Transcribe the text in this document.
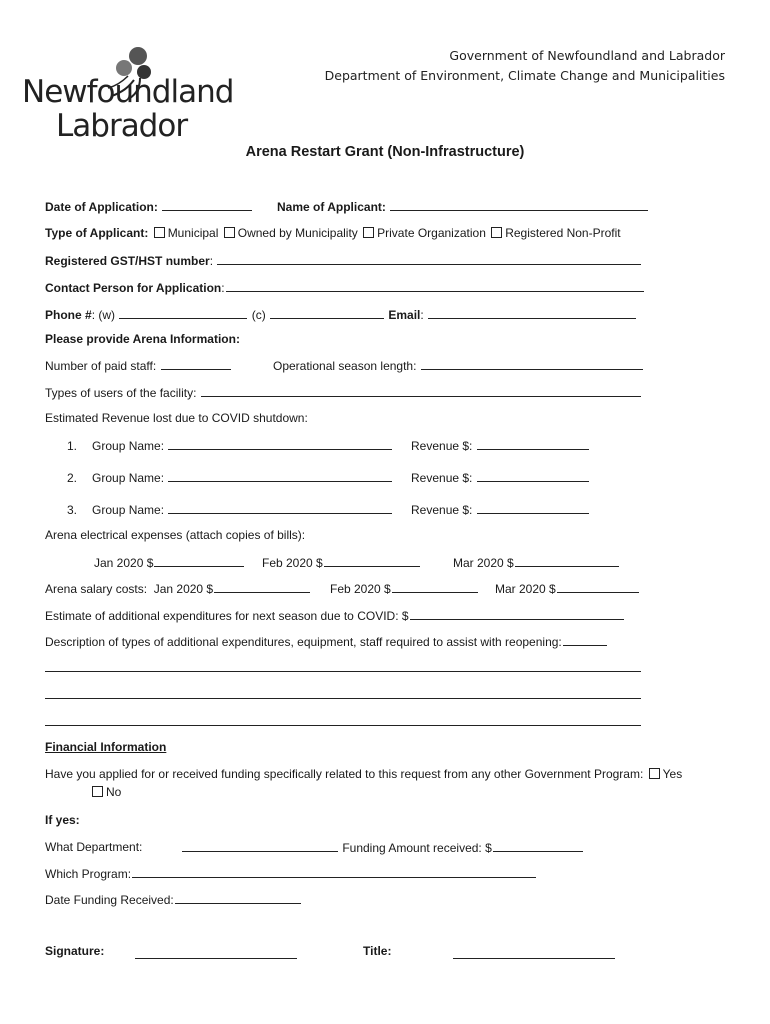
Government of Newfoundland and Labrador
Department of Environment, Climate Change and Municipalities

Newfoundland

Labrador

Arena Restart Grant (Non-Infrastructure)
Date of Application:	Name of Applicant:
Type of Applicant: Municipal Owned by Municipality Private Organization Registered Non-Profit
Registered GST/HST number:
Contact Person for Application:
Phone #: (w)	(c)	Email:
Please provide Arena Information:
Number of paid staff:	Operational season length:
Types of users of the facility:
Estimated Revenue lost due to COVID shutdown:
1. Group Name:	Revenue $:
2. Group Name:	Revenue $:
3. Group Name:	Revenue $:
Arena electrical expenses (attach copies of bills):
Jan 2020 $	Feb 2020 $	Mar 2020 $
Arena salary costs:  Jan 2020 $	Feb 2020 $	Mar 2020 $
Estimate of additional expenditures for next season due to COVID: $
Description of types of additional expenditures, equipment, staff required to assist with reopening:
Financial Information
Have you applied for or received funding specifically related to this request from any other Government Program: Yes
No
If yes:
What Department:	Funding Amount received: $
Which Program:
Date Funding Received:
Signature:	Title:
